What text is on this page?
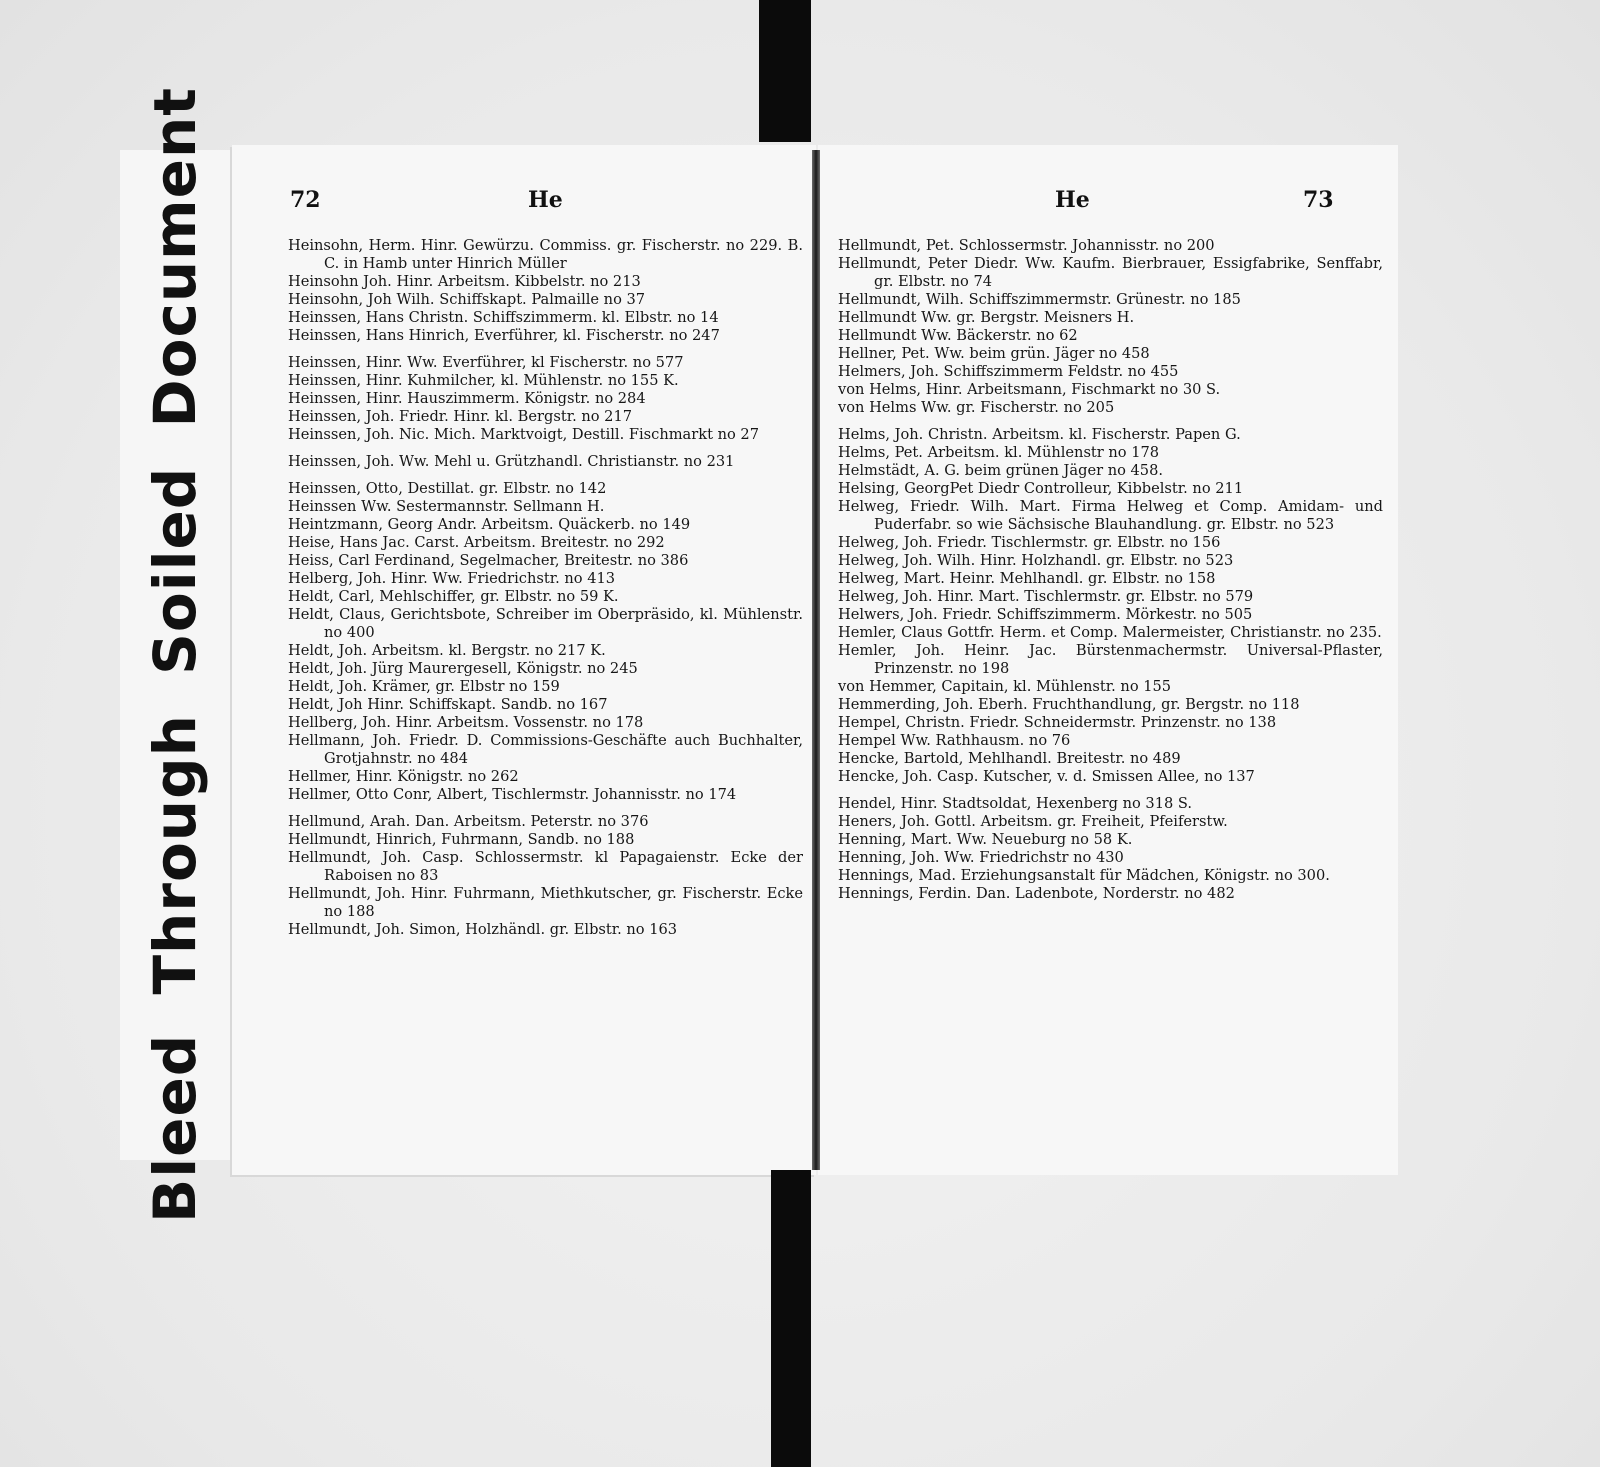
Bleed Through Soiled Document	72	He

Heinsohn, Herm. Hinr. Gewürzu. Commiss. gr. Fischerstr. no 229. B. C. in Hamb unter Hinrich Müller

Heinsohn Joh. Hinr. Arbeitsm. Kibbelstr. no 213

Heinsohn, Joh Wilh. Schiffskapt. Palmaille no 37

Heinssen, Hans Christn. Schiffszimmerm. kl. Elbstr. no 14

Heinssen, Hans Hinrich, Everführer, kl. Fischerstr. no 247

Heinssen, Hinr. Ww. Everführer, kl Fischerstr. no 577

Heinssen, Hinr. Kuhmilcher, kl. Mühlenstr. no 155 K.

Heinssen, Hinr. Hauszimmerm. Königstr. no 284

Heinssen, Joh. Friedr. Hinr. kl. Bergstr. no 217

Heinssen, Joh. Nic. Mich. Marktvoigt, Destill. Fischmarkt no 27

Heinssen, Joh. Ww. Mehl u. Grützhandl. Christianstr. no 231

Heinssen, Otto, Destillat. gr. Elbstr. no 142

Heinssen Ww. Sestermannstr. Sellmann H.

Heintzmann, Georg Andr. Arbeitsm. Quäckerb. no 149

Heise, Hans Jac. Carst. Arbeitsm. Breitestr. no 292

Heiss, Carl Ferdinand, Segelmacher, Breitestr. no 386

Helberg, Joh. Hinr. Ww. Friedrichstr. no 413

Heldt, Carl, Mehlschiffer, gr. Elbstr. no 59 K.

Heldt, Claus, Gerichtsbote, Schreiber im Oberpräsido, kl. Mühlenstr. no 400

Heldt, Joh. Arbeitsm. kl. Bergstr. no 217 K.

Heldt, Joh. Jürg Maurergesell, Königstr. no 245

Heldt, Joh. Krämer, gr. Elbstr no 159

Heldt, Joh Hinr. Schiffskapt. Sandb. no 167

Hellberg, Joh. Hinr. Arbeitsm. Vossenstr. no 178

Hellmann, Joh. Friedr. D. Commissions-Geschäfte auch Buchhalter, Grotjahnstr. no 484

Hellmer, Hinr. Königstr. no 262

Hellmer, Otto Conr, Albert, Tischlermstr. Johannisstr. no 174

Hellmund, Arah. Dan. Arbeitsm. Peterstr. no 376

Hellmundt, Hinrich, Fuhrmann, Sandb. no 188

Hellmundt, Joh. Casp. Schlossermstr. kl Papagaienstr. Ecke der Raboisen no 83

Hellmundt, Joh. Hinr. Fuhrmann, Miethkutscher, gr. Fischerstr. Ecke no 188

Hellmundt, Joh. Simon, Holzhändl. gr. Elbstr. no 163

He	73

Hellmundt, Pet. Schlossermstr. Johannisstr. no 200

Hellmundt, Peter Diedr. Ww. Kaufm. Bierbrauer, Essigfabrike, Senffabr, gr. Elbstr. no 74

Hellmundt, Wilh. Schiffszimmermstr. Grünestr. no 185

Hellmundt Ww. gr. Bergstr. Meisners H.

Hellmundt Ww. Bäckerstr. no 62

Hellner, Pet. Ww. beim grün. Jäger no 458

Helmers, Joh. Schiffszimmerm Feldstr. no 455

von Helms, Hinr. Arbeitsmann, Fischmarkt no 30 S.

von Helms Ww. gr. Fischerstr. no 205

Helms, Joh. Christn. Arbeitsm. kl. Fischerstr. Papen G.

Helms, Pet. Arbeitsm. kl. Mühlenstr no 178

Helmstädt, A. G. beim grünen Jäger no 458.

Helsing, GeorgPet Diedr Controlleur, Kibbelstr. no 211

Helweg, Friedr. Wilh. Mart. Firma Helweg et Comp. Amidam- und Puderfabr. so wie Sächsische Blauhandlung. gr. Elbstr. no 523

Helweg, Joh. Friedr. Tischlermstr. gr. Elbstr. no 156

Helweg, Joh. Wilh. Hinr. Holzhandl. gr. Elbstr. no 523

Helweg, Mart. Heinr. Mehlhandl. gr. Elbstr. no 158

Helweg, Joh. Hinr. Mart. Tischlermstr. gr. Elbstr. no 579

Helwers, Joh. Friedr. Schiffszimmerm. Mörkestr. no 505

Hemler, Claus Gottfr. Herm. et Comp. Malermeister, Christianstr. no 235.

Hemler, Joh. Heinr. Jac. Bürstenmachermstr. Universal-Pflaster, Prinzenstr. no 198

von Hemmer, Capitain, kl. Mühlenstr. no 155

Hemmerding, Joh. Eberh. Fruchthandlung, gr. Bergstr. no 118

Hempel, Christn. Friedr. Schneidermstr. Prinzenstr. no 138

Hempel Ww. Rathhausm. no 76

Hencke, Bartold, Mehlhandl. Breitestr. no 489

Hencke, Joh. Casp. Kutscher, v. d. Smissen Allee, no 137

Hendel, Hinr. Stadtsoldat, Hexenberg no 318 S.

Heners, Joh. Gottl. Arbeitsm. gr. Freiheit, Pfeiferstw.

Henning, Mart. Ww. Neueburg no 58 K.

Henning, Joh. Ww. Friedrichstr no 430

Hennings, Mad. Erziehungsanstalt für Mädchen, Königstr. no 300.

Hennings, Ferdin. Dan. Ladenbote, Norderstr. no 482
